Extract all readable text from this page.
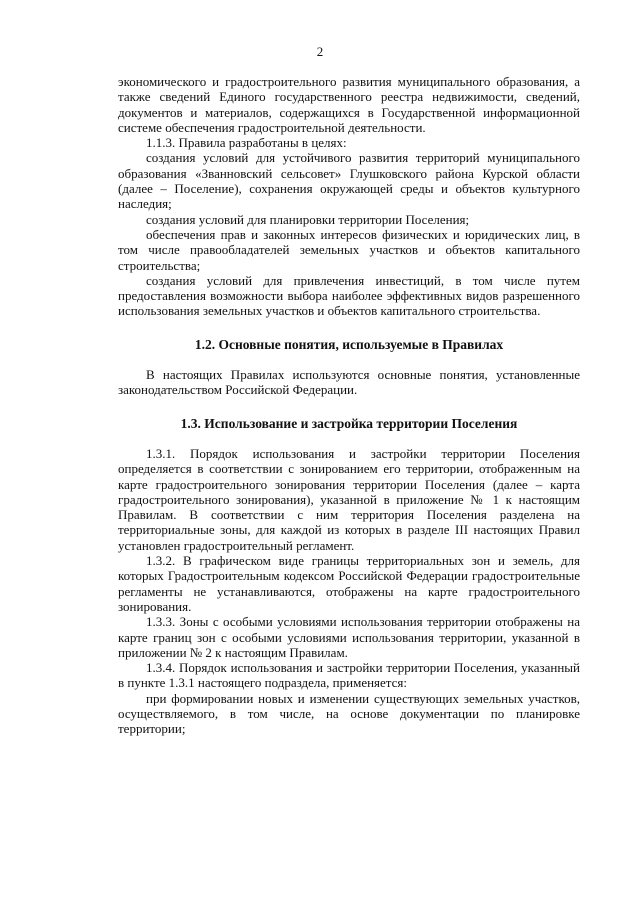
2

экономического и градостроительного развития муниципального образования, а также сведений Единого государственного реестра недвижимости, сведений, документов и материалов, содержащихся в Государственной информационной системе обеспечения градостроительной деятельности.

1.1.3. Правила разработаны в целях:

создания условий для устойчивого развития территорий муниципального образования «Званновский сельсовет» Глушковского района Курской области (далее – Поселение), сохранения окружающей среды и объектов культурного наследия;

создания условий для планировки территории Поселения;

обеспечения прав и законных интересов физических и юридических лиц, в том числе правообладателей земельных участков и объектов капитального строительства;

создания условий для привлечения инвестиций, в том числе путем предоставления возможности выбора наиболее эффективных видов разрешенного использования земельных участков и объектов капитального строительства.

1.2. Основные понятия, используемые в Правилах

В настоящих Правилах используются основные понятия, установленные законодательством Российской Федерации.

1.3. Использование и застройка территории Поселения

1.3.1. Порядок использования и застройки территории Поселения определяется в соответствии с зонированием его территории, отображенным на карте градостроительного зонирования территории Поселения (далее – карта градостроительного зонирования), указанной в приложение № 1 к настоящим Правилам. В соответствии с ним территория Поселения разделена на территориальные зоны, для каждой из которых в разделе III настоящих Правил установлен градостроительный регламент.

1.3.2. В графическом виде границы территориальных зон и земель, для которых Градостроительным кодексом Российской Федерации градостроительные регламенты не устанавливаются, отображены на карте градостроительного зонирования.

1.3.3. Зоны с особыми условиями использования территории отображены на карте границ зон с особыми условиями использования территории, указанной в приложении № 2 к настоящим Правилам.

1.3.4. Порядок использования и застройки территории Поселения, указанный в пункте 1.3.1 настоящего подраздела, применяется:

при формировании новых и изменении существующих земельных участков, осуществляемого, в том числе, на основе документации по планировке территории;
